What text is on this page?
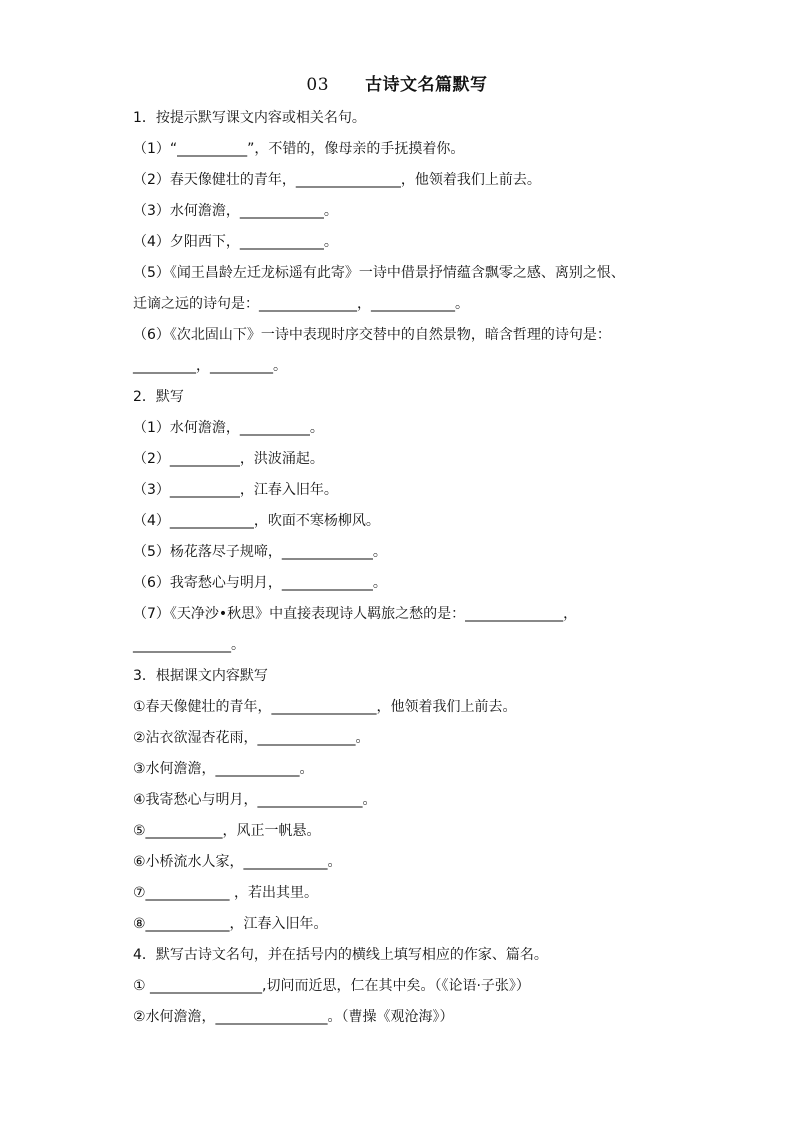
03 古诗文名篇默写
1．按提示默写课文内容或相关名句。
（1）“__________”，不错的，像母亲的手抚摸着你。
（2）春天像健壮的青年，_______________，他领着我们上前去。
（3）水何澹澹，____________。
（4）夕阳西下，____________。
（5）《闻王昌龄左迁龙标遥有此寄》一诗中借景抒情蕴含飘零之感、离别之恨、
迁谪之远的诗句是：______________，____________。
（6）《次北固山下》一诗中表现时序交替中的自然景物，暗含哲理的诗句是：
_________，_________。
2．默写
（1）水何澹澹，__________。
（2）__________，洪波涌起。
（3）__________，江春入旧年。
（4）____________，吹面不寒杨柳风。
（5）杨花落尽子规啼，_____________。
（6）我寄愁心与明月，_____________。
（7）《天净沙•秋思》中直接表现诗人羁旅之愁的是：______________，
______________。
3．根据课文内容默写
①春天像健壮的青年，_______________，他领着我们上前去。
②沾衣欲湿杏花雨，______________。
③水何澹澹，____________。
④我寄愁心与明月，_______________。
⑤___________，风正一帆悬。
⑥小桥流水人家，____________。
⑦____________ ，若出其里。
⑧____________，江春入旧年。
4．默写古诗文名句，并在括号内的横线上填写相应的作家、篇名。
① ________________,切问而近思，仁在其中矣。（《论语·子张》）
②水何澹澹，________________。（曹操《观沧海》）
